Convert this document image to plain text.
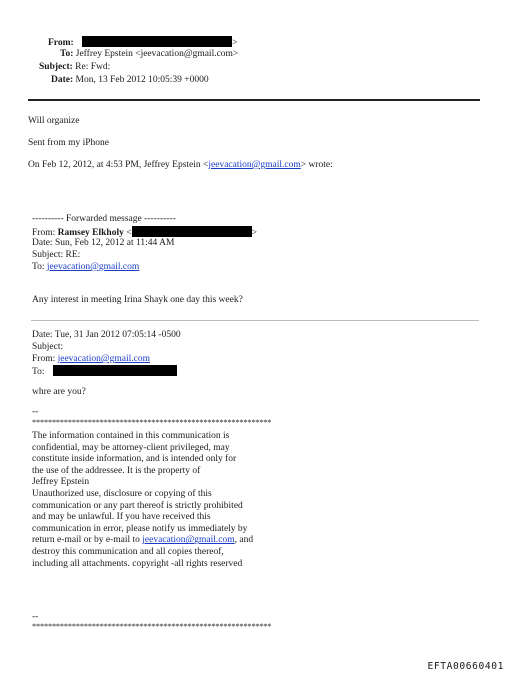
From:	>
To: Jeffrey Epstein <jeevacation@gmail.com>
Subject: Re: Fwd:
Date: Mon, 13 Feb 2012 10:05:39 +0000
Will organize
Sent from my iPhone
On Feb 12, 2012, at 4:53 PM, Jeffrey Epstein <jeevacation@gmail.com> wrote:
---------- Forwarded message ----------
From: Ramsey Elkholy <	>
Date: Sun, Feb 12, 2012 at 11:44 AM
Subject: RE:
To: jeevacation@gmail.com
Any interest in meeting Irina Shayk one day this week?
Date: Tue, 31 Jan 2012 07:05:14 -0500
Subject:
From: jeevacation@gmail.com
To:
whre are you?
--
************************************************************
The information contained in this communication is
confidential, may be attorney-client privileged, may
constitute inside information, and is intended only for
the use of the addressee. It is the property of
Jeffrey Epstein
Unauthorized use, disclosure or copying of this
communication or any part thereof is strictly prohibited
and may be unlawful. If you have received this
communication in error, please notify us immediately by
return e-mail or by e-mail to jeevacation@gmail.com, and
destroy this communication and all copies thereof,
including all attachments. copyright -all rights reserved
--
************************************************************
EFTA00660401
